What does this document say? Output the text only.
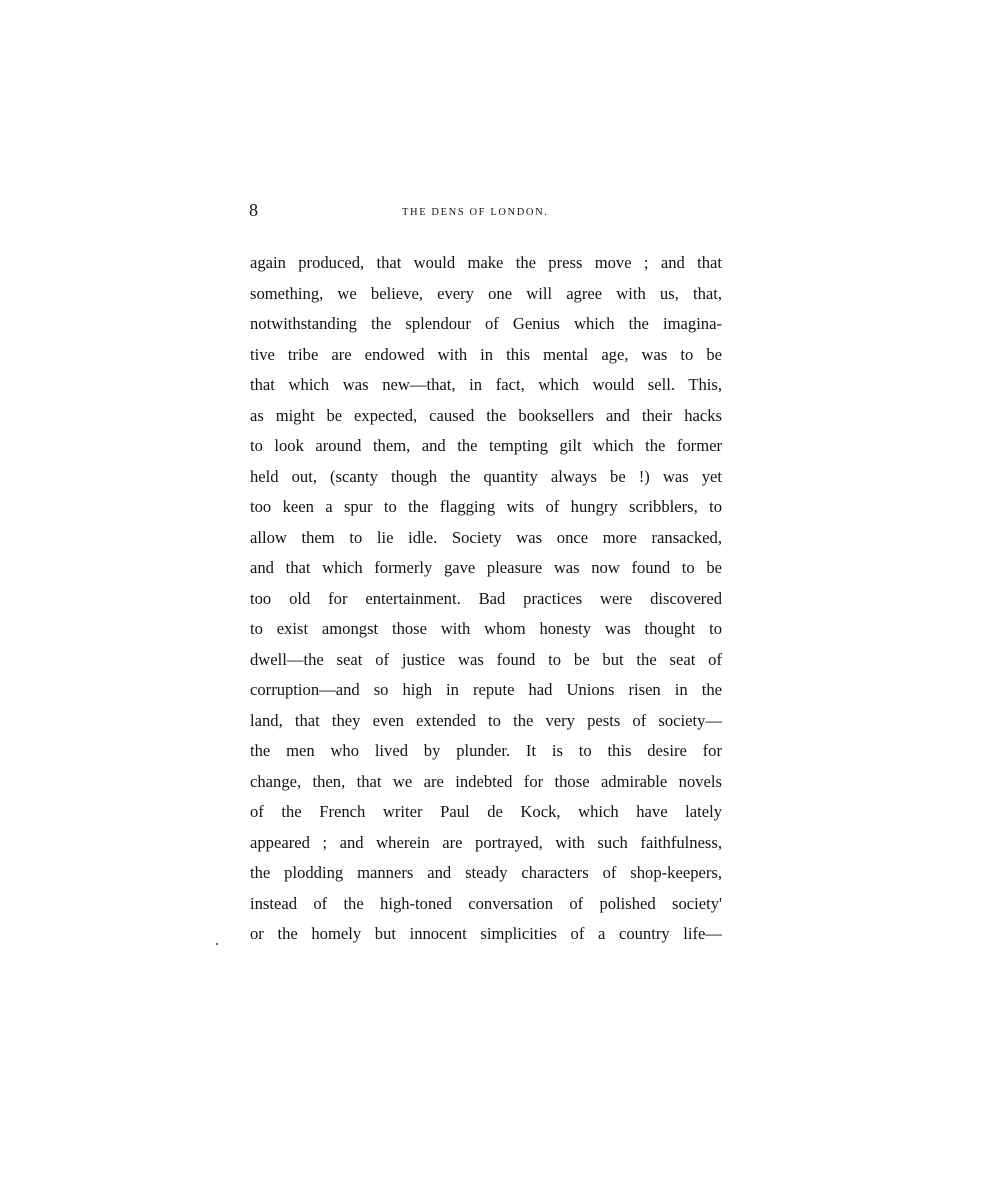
8	THE DENS OF LONDON.
again produced, that would make the press move ; and that
something, we believe, every one will agree with us, that,
notwithstanding the splendour of Genius which the imagina-
tive tribe are endowed with in this mental age, was to be
that which was new—that, in fact, which would sell. This,
as might be expected, caused the booksellers and their hacks
to look around them, and the tempting gilt which the former
held out, (scanty though the quantity always be !) was yet
too keen a spur to the flagging wits of hungry scribblers, to
allow them to lie idle. Society was once more ransacked,
and that which formerly gave pleasure was now found to be
too old for entertainment. Bad practices were discovered
to exist amongst those with whom honesty was thought to
dwell—the seat of justice was found to be but the seat of
corruption—and so high in repute had Unions risen in the
land, that they even extended to the very pests of society—
the men who lived by plunder. It is to this desire for
change, then, that we are indebted for those admirable novels
of the French writer Paul de Kock, which have lately
appeared ; and wherein are portrayed, with such faithfulness,
the plodding manners and steady characters of shop-keepers,
instead of the high-toned conversation of polished society'
or the homely but innocent simplicities of a country life—
